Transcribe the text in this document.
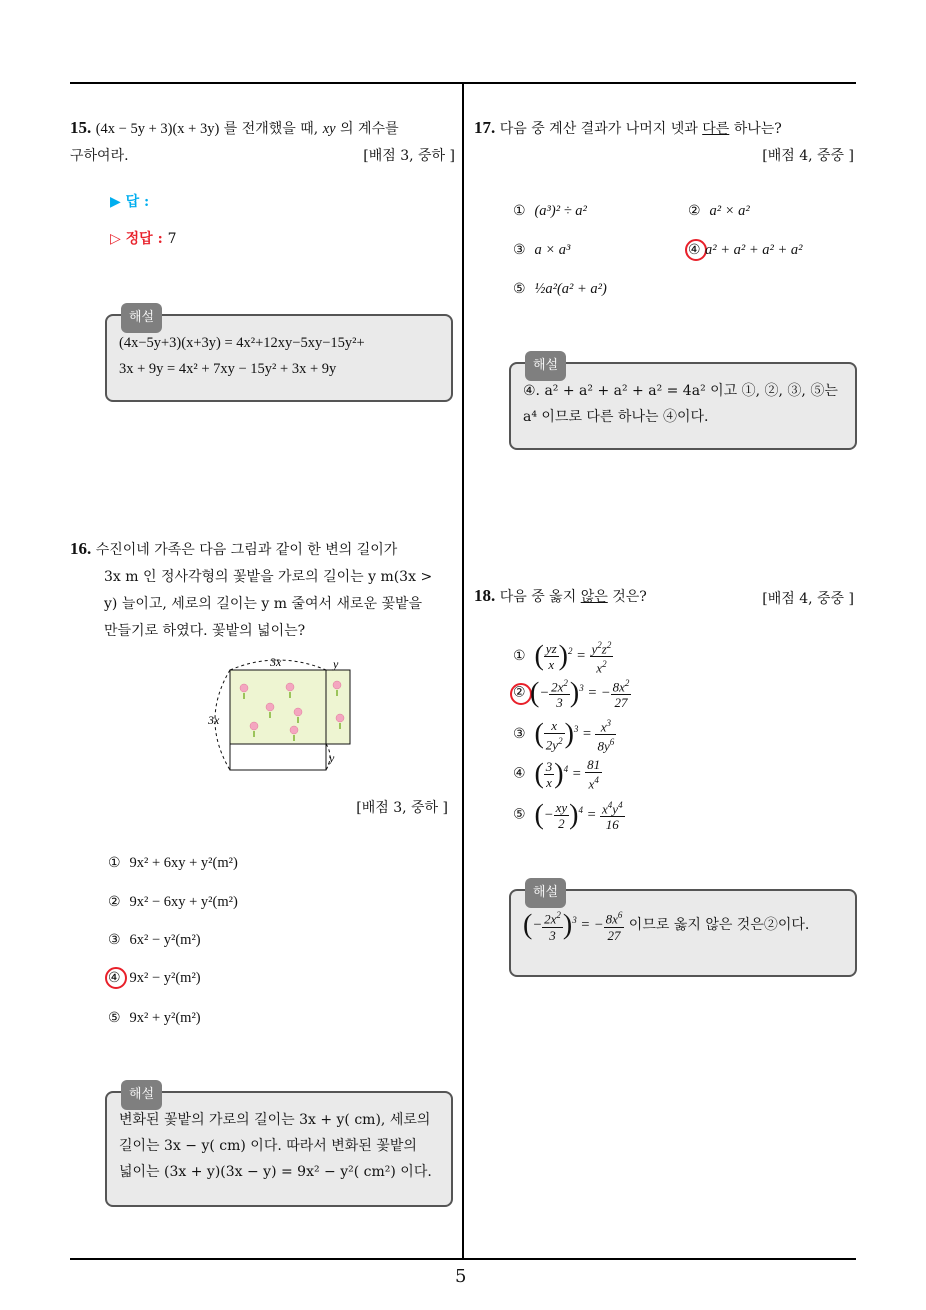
5
15. (4x − 5y + 3)(x + 3y) 를 전개했을 때, xy 의 계수를
구하여라.	[배점 3, 중하 ]
▶ 답 :
▷ 정답 : 7
해설
(4x−5y+3)(x+3y) = 4x²+12xy−5xy−15y²+
3x + 9y = 4x² + 7xy − 15y² + 3x + 9y
16. 수진이네 가족은 다음 그림과 같이 한 변의 길이가
3x m 인 정사각형의 꽃밭을 가로의 길이는 y m(3x >
y) 늘이고, 세로의 길이는 y m 줄여서 새로운 꽃밭을
만들기로 하였다. 꽃밭의 넓이는?
3x	y
3x
y
[배점 3, 중하 ]
① 9x² + 6xy + y²(m²)
② 9x² − 6xy + y²(m²)
③ 6x² − y²(m²)
④ 9x² − y²(m²)
⑤ 9x² + y²(m²)
해설
변화된 꽃밭의 가로의 길이는 3x + y( cm), 세로의
길이는 3x − y( cm) 이다. 따라서 변화된 꽃밭의
넓이는 (3x + y)(3x − y) = 9x² − y²( cm²) 이다.
17. 다음 중 계산 결과가 나머지 넷과 다른 하나는?
[배점 4, 중중 ]
① (a³)² ÷ a²	② a² × a²
③ a × a³	④ a² + a² + a² + a²
⑤ ½a²(a² + a²)
해설
④. a² + a² + a² + a² = 4a² 이고 ①, ②, ③, ⑤는
a⁴ 이므로 다른 하나는 ④이다.
18. 다음 중 옳지 않은 것은?	[배점 4, 중중 ]
① ( $\frac{yz}{x} )^2 = \frac{y^2z^2}{x^2}$
② (− $\frac{2x^2}{3} )^3$ = − $\frac{8x^2}{27}$
③ ( $\frac{x}{2y^2} )^3 = \frac{x^3}{8y^6}$
④ ( $\frac{3}{x} )^4 = \frac{81}{x^4}$
⑤ (− $\frac{xy}{2} )^4 = \frac{x^4y^4}{16}$
해설
(− $\frac{2x^2}{3} )^3$ = − $\frac{8x^6}{27}$ 이므로 옳지 않은 것은②이다.
